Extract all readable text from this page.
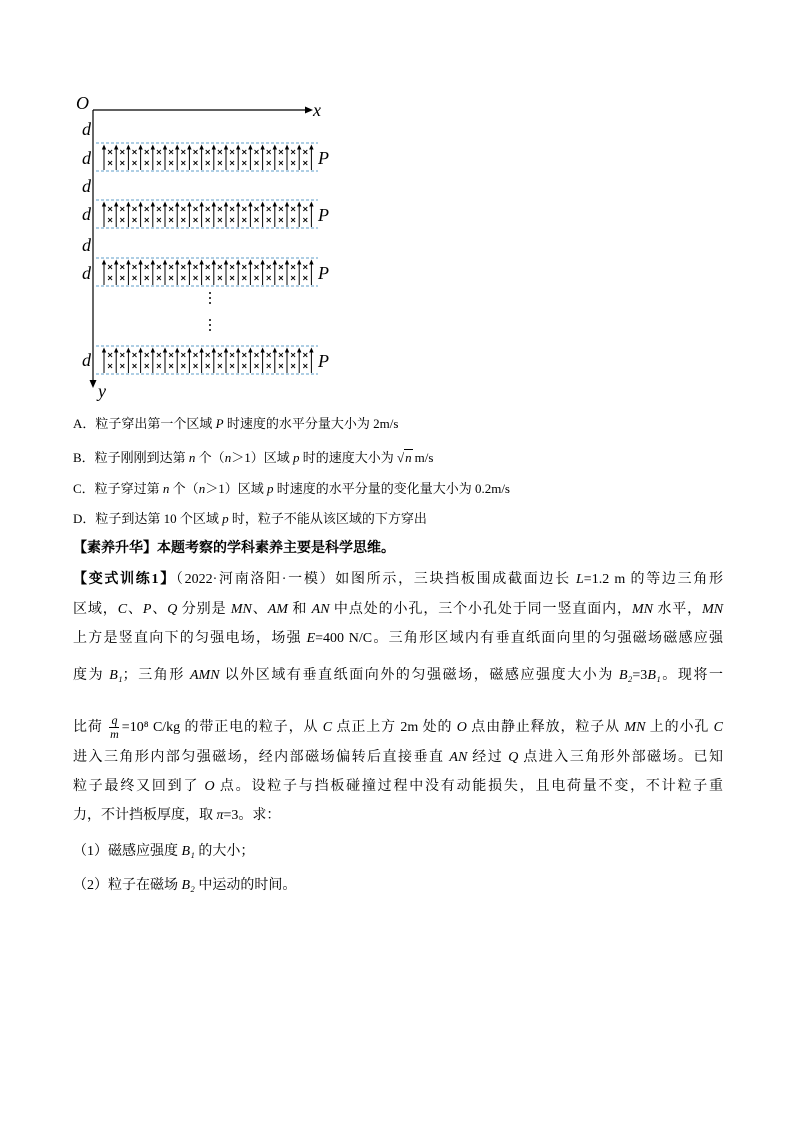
O	x
y
d
d
d
d
d
d
d
P
P
P
P
A．粒子穿出第一个区域 P 时速度的水平分量大小为 2m/s
B．粒子刚刚到达第 n 个（n＞1）区域 p 时的速度大小为 √n m/s
C．粒子穿过第 n 个（n＞1）区域 p 时速度的水平分量的变化量大小为 0.2m/s
D．粒子到达第 10 个区域 p 时，粒子不能从该区域的下方穿出
【素养升华】本题考察的学科素养主要是科学思维。
【变式训练1】（2022·河南洛阳·一模）如图所示，三块挡板围成截面边长 L=1.2 m 的等边三角形
区域，C、P、Q 分别是 MN、AM 和 AN 中点处的小孔，三个小孔处于同一竖直面内，MN 水平，MN
上方是竖直向下的匀强电场，场强 E=400 N/C。三角形区域内有垂直纸面向里的匀强磁场磁感应强
度为 B₁；三角形 AMN 以外区域有垂直纸面向外的匀强磁场，磁感应强度大小为 B₂=3B₁。现将一
比荷 $\frac{q}{m} =10^8$ C/kg 的带正电的粒子，从 C 点正上方 2m 处的 O 点由静止释放，粒子从 MN 上的小孔 C
进入三角形内部匀强磁场，经内部磁场偏转后直接垂直 AN 经过 Q 点进入三角形外部磁场。已知
粒子最终又回到了 O 点。设粒子与挡板碰撞过程中没有动能损失，且电荷量不变，不计粒子重
力，不计挡板厚度，取 π=3。求：
（1）磁感应强度 B₁ 的大小；
（2）粒子在磁场 B₂ 中运动的时间。
